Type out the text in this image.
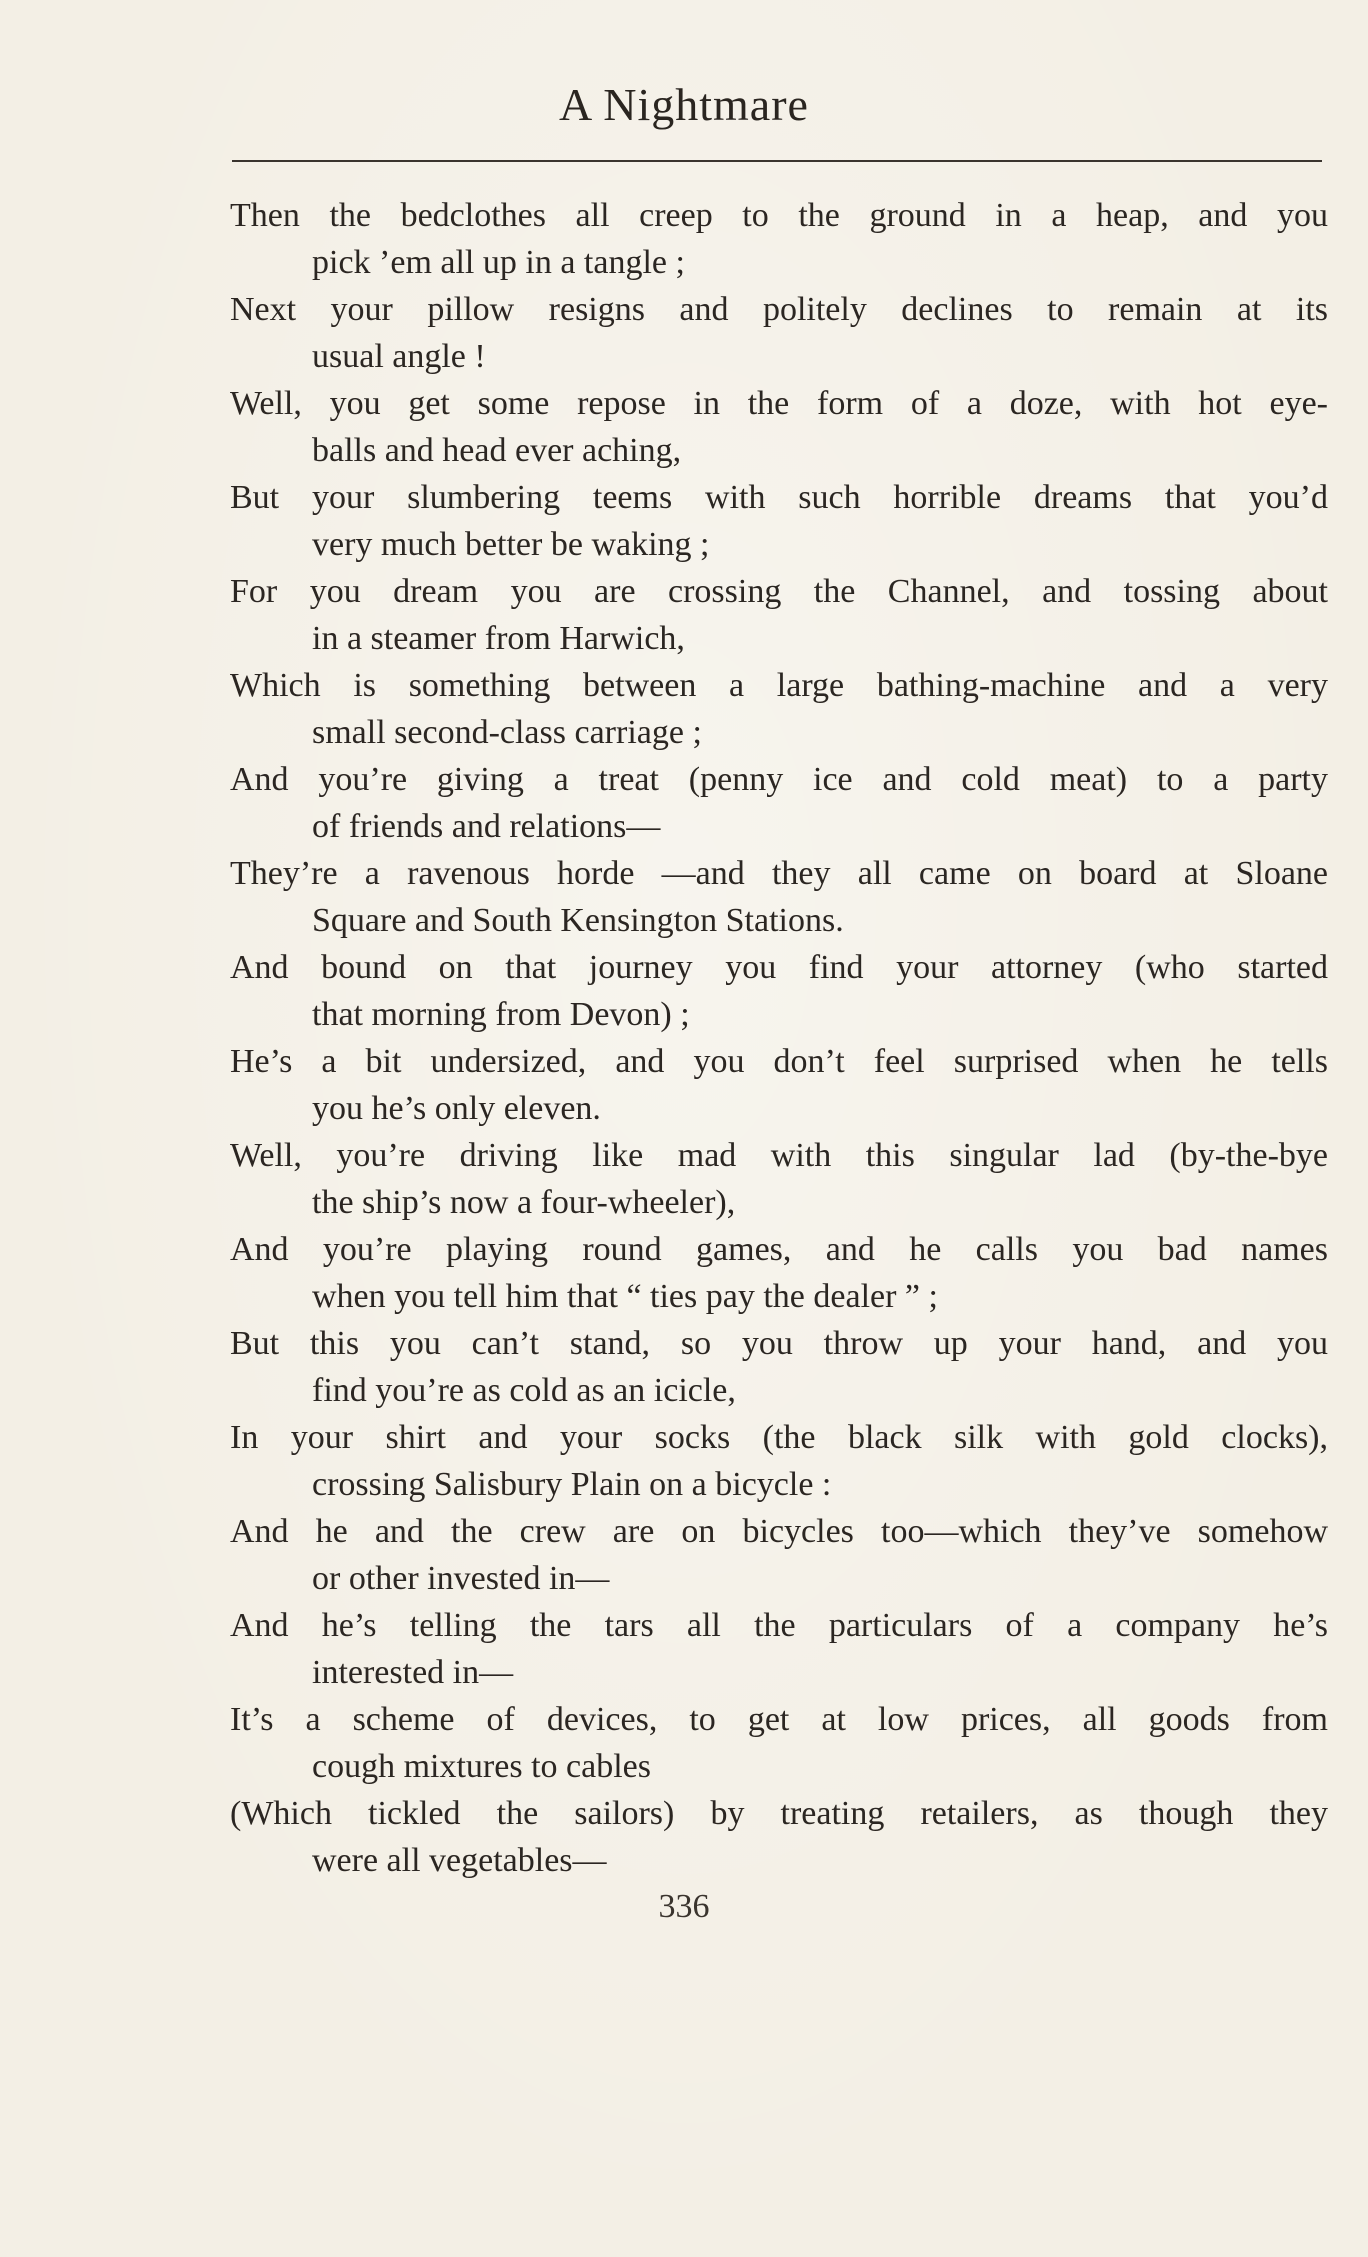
A Nightmare
Then the bedclothes all creep to the ground in a heap, and you
pick ’em all up in a tangle ;
Next your pillow resigns and politely declines to remain at its
usual angle !
Well, you get some repose in the form of a doze, with hot eye-
balls and head ever aching,
But your slumbering teems with such horrible dreams that you’d
very much better be waking ;
For you dream you are crossing the Channel, and tossing about
in a steamer from Harwich,
Which is something between a large bathing-machine and a very
small second-class carriage ;
And you’re giving a treat (penny ice and cold meat) to a party
of friends and relations—
They’re a ravenous horde —and they all came on board at Sloane
Square and South Kensington Stations.
And bound on that journey you find your attorney (who started
that morning from Devon) ;
He’s a bit undersized, and you don’t feel surprised when he tells
you he’s only eleven.
Well, you’re driving like mad with this singular lad (by-the-bye
the ship’s now a four-wheeler),
And you’re playing round games, and he calls you bad names
when you tell him that “ ties pay the dealer ” ;
But this you can’t stand, so you throw up your hand, and you
find you’re as cold as an icicle,
In your shirt and your socks (the black silk with gold clocks),
crossing Salisbury Plain on a bicycle :
And he and the crew are on bicycles too—which they’ve somehow
or other invested in—
And he’s telling the tars all the particulars of a company he’s
interested in—
It’s a scheme of devices, to get at low prices, all goods from
cough mixtures to cables
(Which tickled the sailors) by treating retailers, as though they
were all vegetables—
336
